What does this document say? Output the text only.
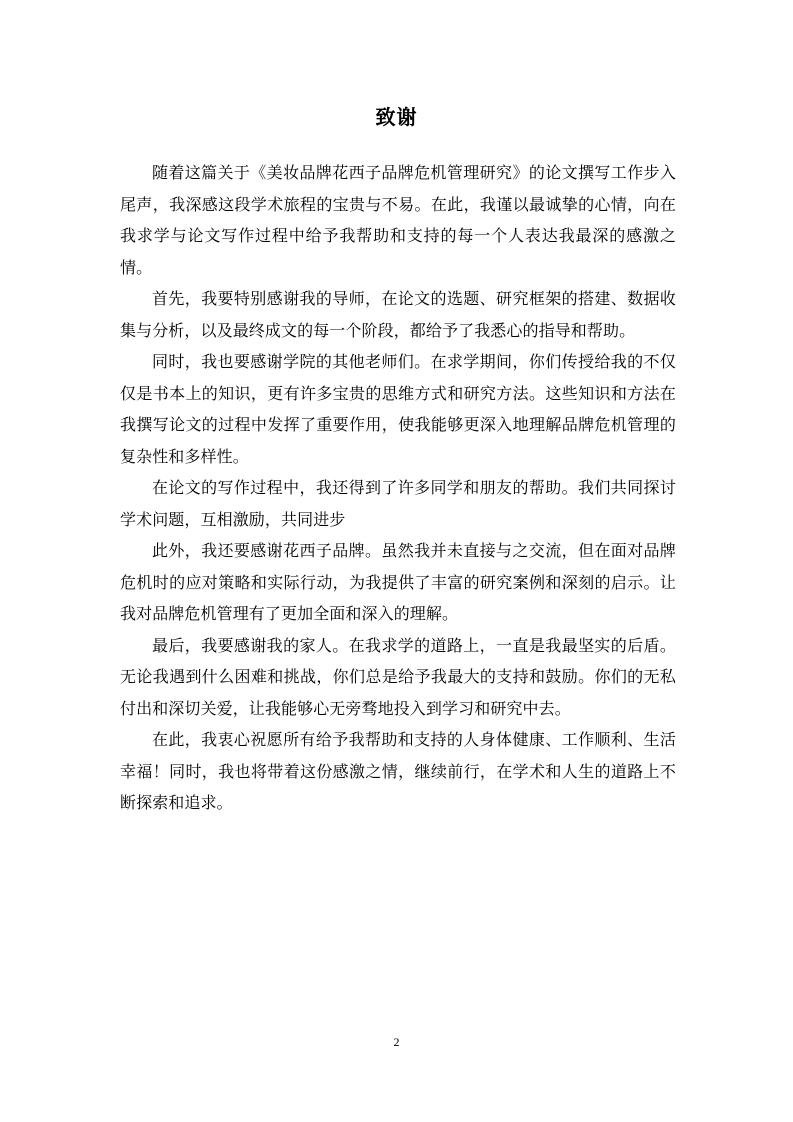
致谢

随着这篇关于《美妆品牌花西子品牌危机管理研究》的论文撰写工作步入尾声，我深感这段学术旅程的宝贵与不易。在此，我谨以最诚挚的心情，向在我求学与论文写作过程中给予我帮助和支持的每一个人表达我最深的感激之情。

首先，我要特别感谢我的导师，在论文的选题、研究框架的搭建、数据收集与分析，以及最终成文的每一个阶段，都给予了我悉心的指导和帮助。

同时，我也要感谢学院的其他老师们。在求学期间，你们传授给我的不仅仅是书本上的知识，更有许多宝贵的思维方式和研究方法。这些知识和方法在我撰写论文的过程中发挥了重要作用，使我能够更深入地理解品牌危机管理的复杂性和多样性。

在论文的写作过程中，我还得到了许多同学和朋友的帮助。我们共同探讨学术问题，互相激励，共同进步

此外，我还要感谢花西子品牌。虽然我并未直接与之交流，但在面对品牌危机时的应对策略和实际行动，为我提供了丰富的研究案例和深刻的启示。让我对品牌危机管理有了更加全面和深入的理解。

最后，我要感谢我的家人。在我求学的道路上，一直是我最坚实的后盾。无论我遇到什么困难和挑战，你们总是给予我最大的支持和鼓励。你们的无私付出和深切关爱，让我能够心无旁骛地投入到学习和研究中去。

在此，我衷心祝愿所有给予我帮助和支持的人身体健康、工作顺利、生活幸福！同时，我也将带着这份感激之情，继续前行，在学术和人生的道路上不断探索和追求。

2
